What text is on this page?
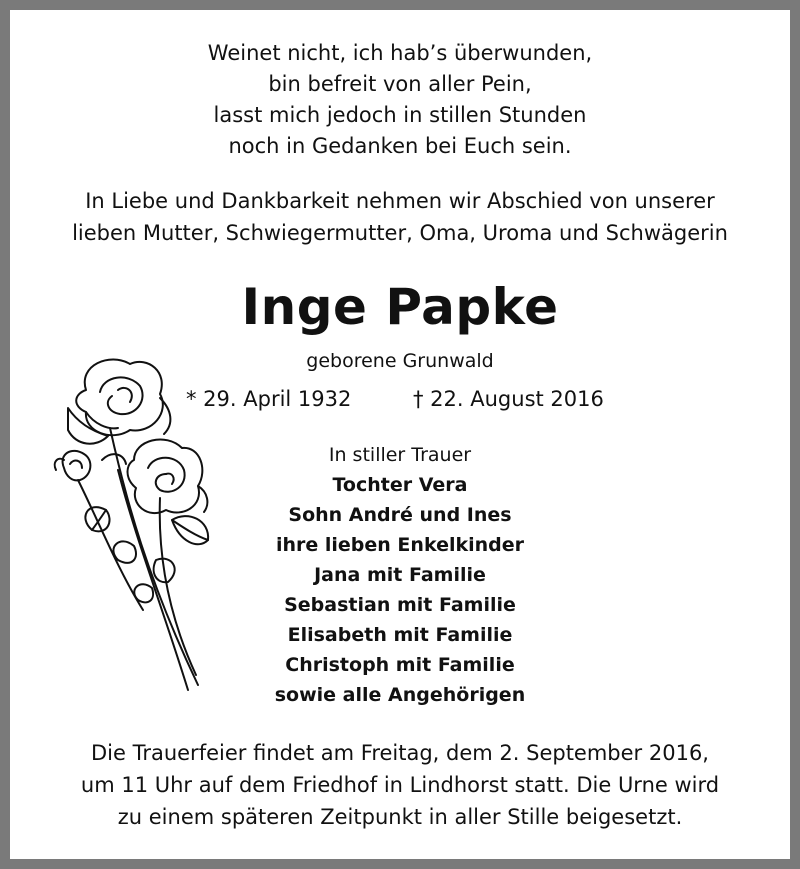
Weinet nicht, ich hab’s überwunden,
bin befreit von aller Pein,
lasst mich jedoch in stillen Stunden
noch in Gedanken bei Euch sein.
In Liebe und Dankbarkeit nehmen wir Abschied von unserer
lieben Mutter, Schwiegermutter, Oma, Uroma und Schwägerin
Inge Papke
geborene Grunwald
* 29. April 1932	† 22. August 2016
In stiller Trauer
Tochter Vera
Sohn André und Ines
ihre lieben Enkelkinder
Jana mit Familie
Sebastian mit Familie
Elisabeth mit Familie
Christoph mit Familie
sowie alle Angehörigen
Die Trauerfeier findet am Freitag, dem 2. September 2016,
um 11 Uhr auf dem Friedhof in Lindhorst statt. Die Urne wird
zu einem späteren Zeitpunkt in aller Stille beigesetzt.
